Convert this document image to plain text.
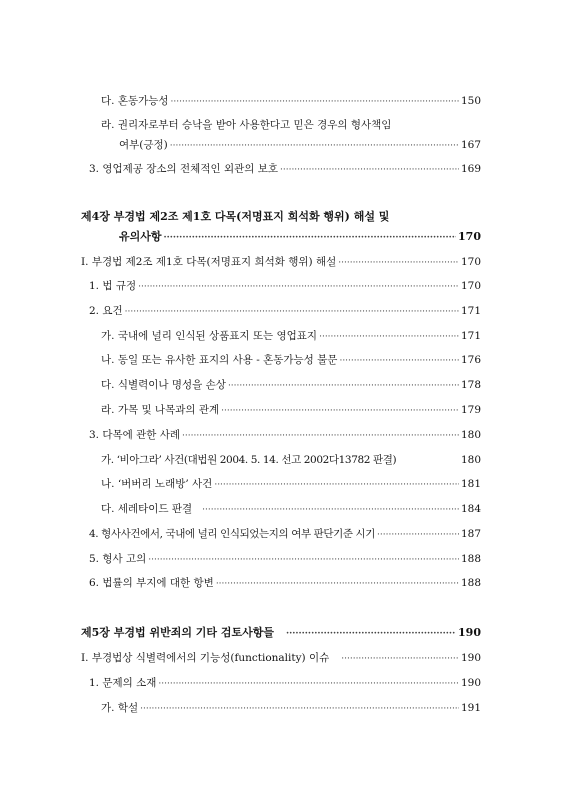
다. 혼동가능성 ·····	150
라. 권리자로부터 승낙을 받아 사용한다고 믿은 경우의 형사책임
여부(긍정) ·····	167
3. 영업제공 장소의 전체적인 외관의 보호 ·····	169
제4장 부경법 제2조 제1호 다목(저명표지 희석화 행위) 해설 및
유의사항 ·····	170
Ⅰ. 부경법 제2조 제1호 다목(저명표지 희석화 행위) 해설 ·····	170
1. 법 규정 ·····	170
2. 요건 ·····	171
가. 국내에 널리 인식된 상품표지 또는 영업표지 ·····	171
나. 동일 또는 유사한 표지의 사용 - 혼동가능성 불문 ·····	176
다. 식별력이나 명성을 손상 ·····	178
라. 가목 및 나목과의 관계 ·····	179
3. 다목에 관한 사례 ·····	180
가. ‘비아그라’ 사건(대법원 2004. 5. 14. 선고 2002다13782 판결)	180
나. ‘버버리 노래방’ 사건 ·····	181
다. 세레타이드 판결 ·····	184
4. 형사사건에서, 국내에 널리 인식되었는지의 여부 판단기준 시기 ·····	187
5. 형사 고의 ·····	188
6. 법률의 부지에 대한 항변 ·····	188
제5장 부경법 위반죄의 기타 검토사항들 ·····	190
Ⅰ. 부경법상 식별력에서의 기능성(functionality) 이슈 ·····	190
1. 문제의 소재 ·····	190
가. 학설 ·····	191
